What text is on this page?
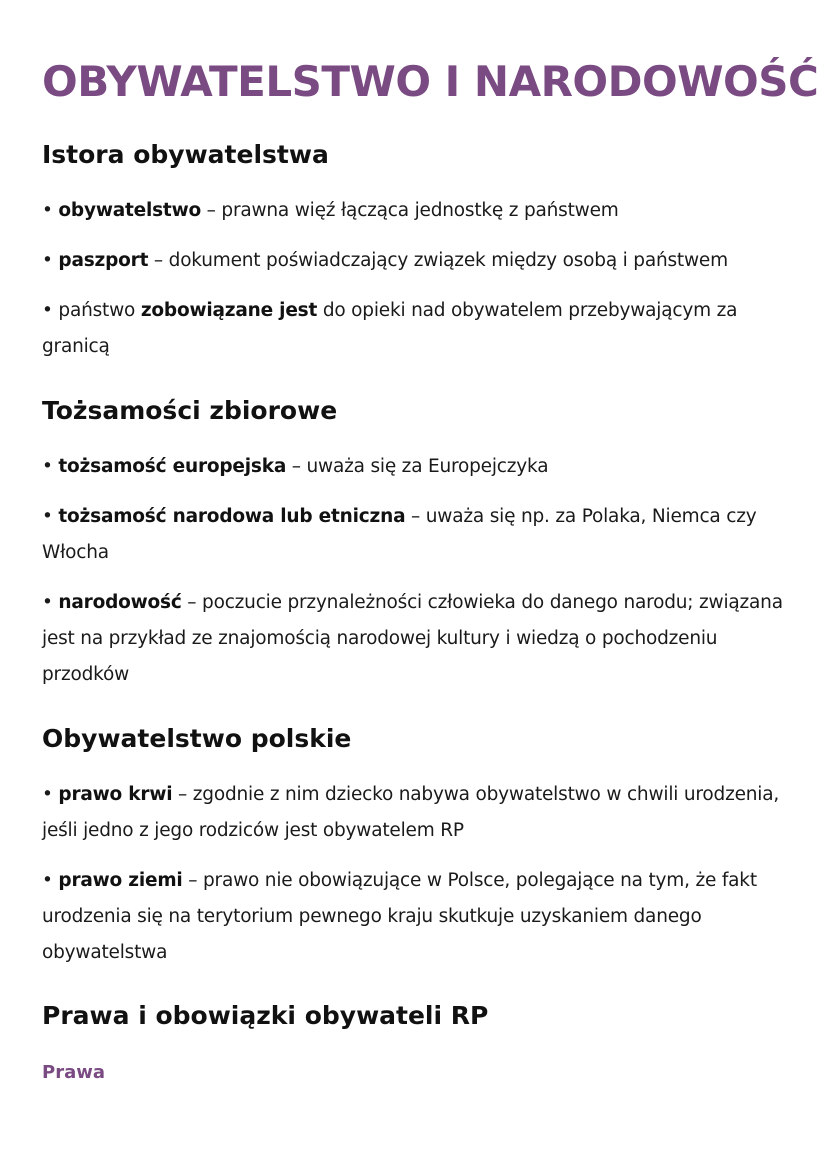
OBYWATELSTWO I NARODOWOŚĆ
Istora obywatelstwa

• obywatelstwo – prawna więź łącząca jednostkę z państwem

• paszport – dokument poświadczający związek między osobą i państwem

• państwo zobowiązane jest do opieki nad obywatelem przebywającym za granicą

Tożsamości zbiorowe

• tożsamość europejska – uważa się za Europejczyka

• tożsamość narodowa lub etniczna – uważa się np. za Polaka, Niemca czy Włocha

• narodowość – poczucie przynależności człowieka do danego narodu; związana jest na przykład ze znajomością narodowej kultury i wiedzą o pochodzeniu przodków

Obywatelstwo polskie

• prawo krwi – zgodnie z nim dziecko nabywa obywatelstwo w chwili urodzenia, jeśli jedno z jego rodziców jest obywatelem RP

• prawo ziemi – prawo nie obowiązujące w Polsce, polegające na tym, że fakt urodzenia się na terytorium pewnego kraju skutkuje uzyskaniem danego obywatelstwa

Prawa i obowiązki obywateli RP
Prawa
